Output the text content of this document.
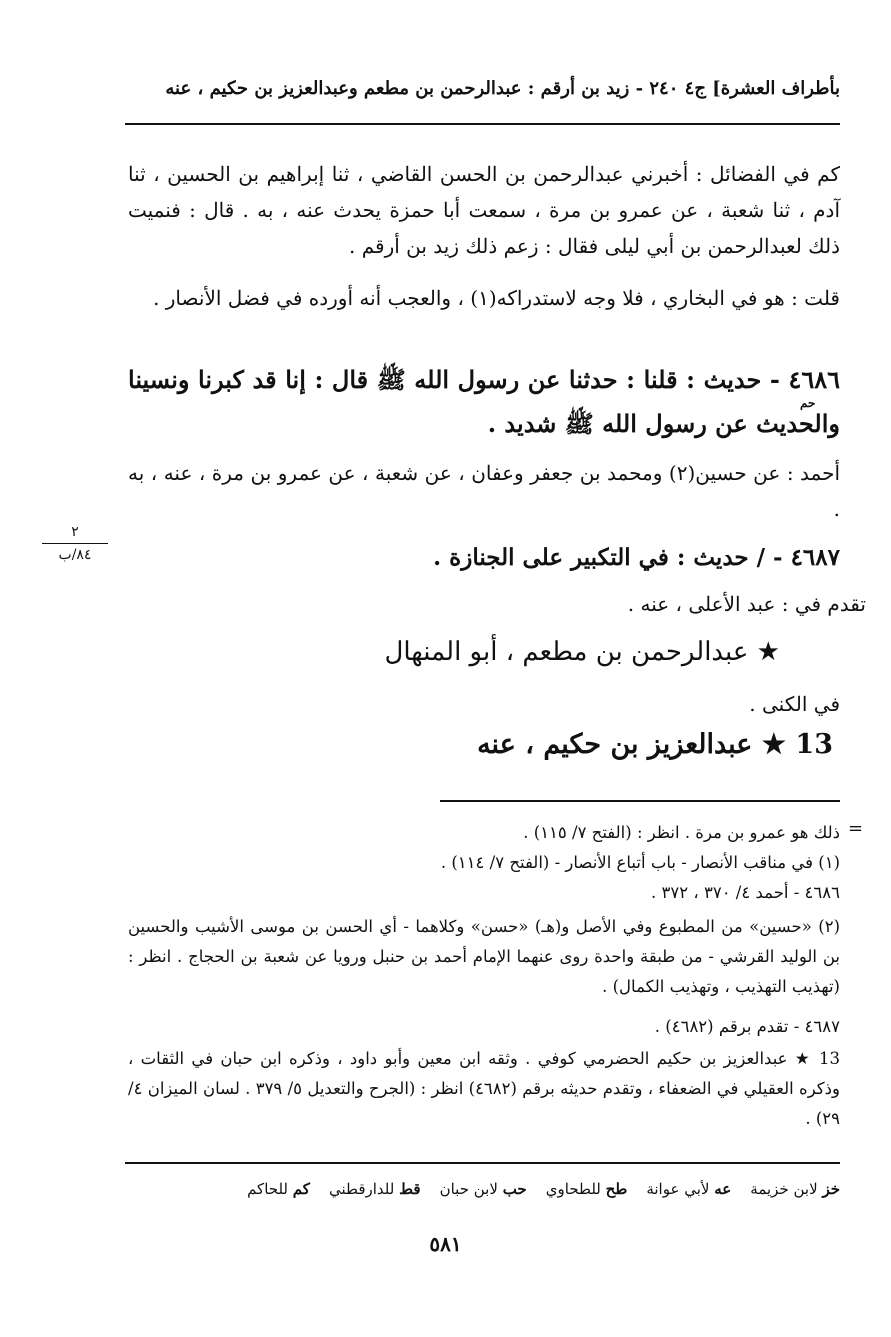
بأطراف العشرة] ج٤ ٢٤٠ - زيد بن أرقم : عبدالرحمن بن مطعم وعبدالعزيز بن حكيم ، عنه
كم في الفضائل : أخبرني عبدالرحمن بن الحسن القاضي ، ثنا إبراهيم بن الحسين ، ثنا آدم ، ثنا شعبة ، عن عمرو بن مرة ، سمعت أبا حمزة يحدث عنه ، به . قال : فنميت ذلك لعبدالرحمن بن أبي ليلى فقال : زعم ذلك زيد بن أرقم .
قلت : هو في البخاري ، فلا وجه لاستدراكه(١) ، والعجب أنه أورده في فضل الأنصار .
٤٦٨٦ - حديث : قلنا : حدثنا عن رسول الله ﷺ قال : إنا قد كبرنا ونسينا والحديث عن رسول الله ﷺ شديد .
حم
أحمد : عن حسين(٢) ومحمد بن جعفر وعفان ، عن شعبة ، عن عمرو بن مرة ، عنه ، به .
٢
٨٤/ب	٤٦٨٧ - / حديث : في التكبير على الجنازة .
تقدم في : عبد الأعلى ، عنه .
★ عبدالرحمن بن مطعم ، أبو المنهال
في الكنى .
13 ★ عبدالعزيز بن حكيم ، عنه
=
ذلك هو عمرو بن مرة . انظر : (الفتح ٧/ ١١٥) .
(١) في مناقب الأنصار - باب أتباع الأنصار - (الفتح ٧/ ١١٤) .
٤٦٨٦ - أحمد ٤/ ٣٧٠ ، ٣٧٢ .
(٢) «حسين» من المطبوع وفي الأصل و(هـ) «حسن» وكلاهما - أي الحسن بن موسى الأشيب والحسين بن الوليد القرشي - من طبقة واحدة روى عنهما الإمام أحمد بن حنبل ورويا عن شعبة بن الحجاج . انظر : (تهذيب التهذيب ، وتهذيب الكمال) .
٤٦٨٧ - تقدم برقم (٤٦٨٢) .
13 ★ عبدالعزيز بن حكيم الحضرمي كوفي . وثقه ابن معين وأبو داود ، وذكره ابن حبان في الثقات ، وذكره العقيلي في الضعفاء ، وتقدم حديثه برقم (٤٦٨٢) انظر : (الجرح والتعديل ٥/ ٣٧٩ . لسان الميزان ٤/ ٢٩) .
خز لابن خزيمة    عه لأبي عوانة    طح للطحاوي    حب لابن حبان    قط للدارقطني    كم للحاكم
٥٨١
